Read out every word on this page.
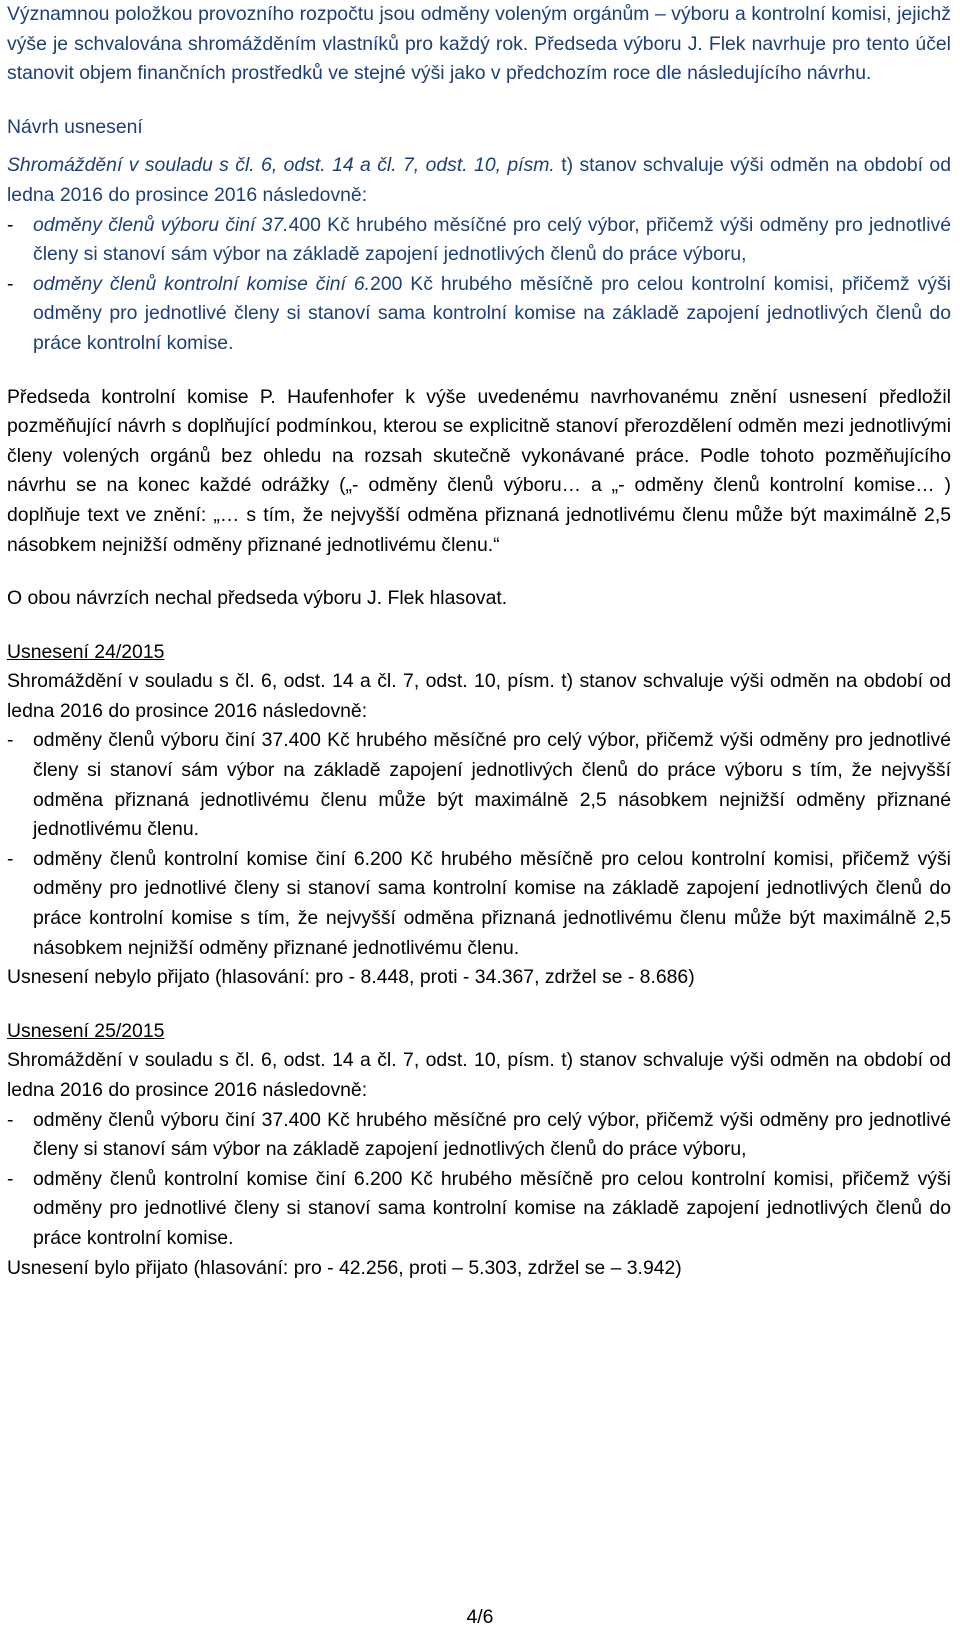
Významnou položkou provozního rozpočtu jsou odměny voleným orgánům – výboru a kontrolní komisi, jejichž výše je schvalována shromážděním vlastníků pro každý rok. Předseda výboru J. Flek navrhuje pro tento účel stanovit objem finančních prostředků ve stejné výši jako v předchozím roce dle následujícího návrhu.

Návrh usnesení

Shromáždění v souladu s čl. 6, odst. 14 a čl. 7, odst. 10, písm. t) stanov schvaluje výši odměn na období od ledna 2016 do prosince 2016 následovně:

-	odměny členů výboru činí 37.400 Kč hrubého měsíčné pro celý výbor, přičemž výši odměny pro jednotlivé členy si stanoví sám výbor na základě zapojení jednotlivých členů do práce výboru,
-	odměny členů kontrolní komise činí 6.200 Kč hrubého měsíčně pro celou kontrolní komisi, přičemž výši odměny pro jednotlivé členy si stanoví sama kontrolní komise na základě zapojení jednotlivých členů do práce kontrolní komise.

Předseda kontrolní komise P. Haufenhofer k výše uvedenému navrhovanému znění usnesení předložil pozměňující návrh s doplňující podmínkou, kterou se explicitně stanoví přerozdělení odměn mezi jednotlivými členy volených orgánů bez ohledu na rozsah skutečně vykonávané práce. Podle tohoto pozměňujícího návrhu se na konec každé odrážky („- odměny členů výboru… a „- odměny členů kontrolní komise… ) doplňuje text ve znění: „… s tím, že nejvyšší odměna přiznaná jednotlivému členu může být maximálně 2,5 násobkem nejnižší odměny přiznané jednotlivému členu.“

O obou návrzích nechal předseda výboru J. Flek hlasovat.

Usnesení 24/2015

Shromáždění v souladu s čl. 6, odst. 14 a čl. 7, odst. 10, písm. t) stanov schvaluje výši odměn na období od ledna 2016 do prosince 2016 následovně:

-	odměny členů výboru činí 37.400 Kč hrubého měsíčné pro celý výbor, přičemž výši odměny pro jednotlivé členy si stanoví sám výbor na základě zapojení jednotlivých členů do práce výboru s tím, že nejvyšší odměna přiznaná jednotlivému členu může být maximálně 2,5 násobkem nejnižší odměny přiznané jednotlivému členu.
-	odměny členů kontrolní komise činí 6.200 Kč hrubého měsíčně pro celou kontrolní komisi, přičemž výši odměny pro jednotlivé členy si stanoví sama kontrolní komise na základě zapojení jednotlivých členů do práce kontrolní komise s tím, že nejvyšší odměna přiznaná jednotlivému členu může být maximálně 2,5 násobkem nejnižší odměny přiznané jednotlivému členu.

Usnesení nebylo přijato (hlasování: pro - 8.448, proti - 34.367, zdržel se - 8.686)

Usnesení 25/2015

Shromáždění v souladu s čl. 6, odst. 14 a čl. 7, odst. 10, písm. t) stanov schvaluje výši odměn na období od ledna 2016 do prosince 2016 následovně:

-	odměny členů výboru činí 37.400 Kč hrubého měsíčné pro celý výbor, přičemž výši odměny pro jednotlivé členy si stanoví sám výbor na základě zapojení jednotlivých členů do práce výboru,
-	odměny členů kontrolní komise činí 6.200 Kč hrubého měsíčně pro celou kontrolní komisi, přičemž výši odměny pro jednotlivé členy si stanoví sama kontrolní komise na základě zapojení jednotlivých členů do práce kontrolní komise.

Usnesení bylo přijato (hlasování: pro - 42.256, proti – 5.303, zdržel se – 3.942)

4/6
